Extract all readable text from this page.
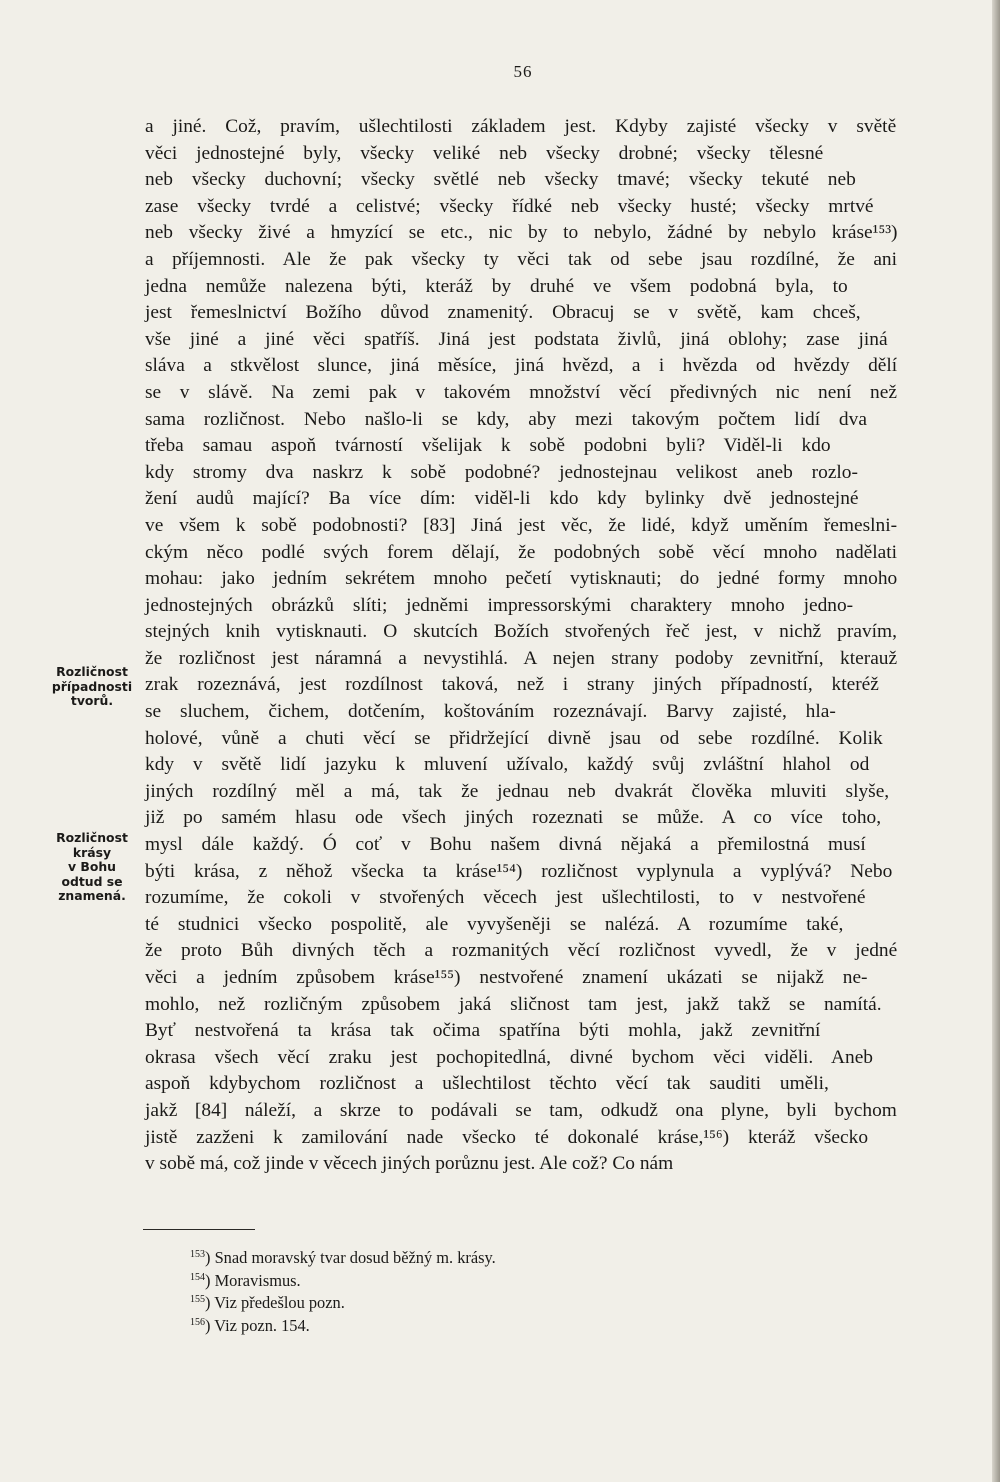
56
a jiné. Což, pravím, ušlechtilosti základem jest. Kdyby zajisté všecky v světě
věci jednostejné byly, všecky veliké neb všecky drobné; všecky tělesné
neb všecky duchovní; všecky světlé neb všecky tmavé; všecky tekuté neb
zase všecky tvrdé a celistvé; všecky řídké neb všecky husté; všecky mrtvé
neb všecky živé a hmyzící se etc., nic by to nebylo, žádné by nebylo kráse¹⁵³)
a příjemnosti. Ale že pak všecky ty věci tak od sebe jsau rozdílné, že ani
jedna nemůže nalezena býti, kteráž by druhé ve všem podobná byla, to
jest řemeslnictví Božího důvod znamenitý. Obracuj se v světě, kam chceš,
vše jiné a jiné věci spatříš. Jiná jest podstata živlů, jiná oblohy; zase jiná
sláva a stkvělost slunce, jiná měsíce, jiná hvězd, a i hvězda od hvězdy dělí
se v slávě. Na zemi pak v takovém množství věcí předivných nic není než
sama rozličnost. Nebo našlo-li se kdy, aby mezi takovým počtem lidí dva
třeba samau aspoň tvárností všelijak k sobě podobni byli? Viděl-li kdo
kdy stromy dva naskrz k sobě podobné? jednostejnau velikost aneb rozlo-
žení audů mající? Ba více dím: viděl-li kdo kdy bylinky dvě jednostejné
ve všem k sobě podobnosti? [83] Jiná jest věc, že lidé, když uměním řemeslni-
ckým něco podlé svých forem dělají, že podobných sobě věcí mnoho nadělati
mohau: jako jedním sekrétem mnoho pečetí vytisknauti; do jedné formy mnoho
jednostejných obrázků slíti; jedněmi impressorskými charaktery mnoho jedno-
stejných knih vytisknauti. O skutcích Božích stvořených řeč jest, v nichž pravím,
že rozličnost jest náramná a nevystihlá. A nejen strany podoby zevnitřní, kterauž
zrak rozeznává, jest rozdílnost taková, než i strany jiných případností, kteréž
se sluchem, čichem, dotčením, koštováním rozeznávají. Barvy zajisté, hla-
holové, vůně a chuti věcí se přidržející divně jsau od sebe rozdílné. Kolik
kdy v světě lidí jazyku k mluvení užívalo, každý svůj zvláštní hlahol od
jiných rozdílný měl a má, tak že jednau neb dvakrát člověka mluviti slyše,
již po samém hlasu ode všech jiných rozeznati se může. A co více toho,
mysl dále každý. Ó coť v Bohu našem divná nějaká a přemilostná musí
býti krása, z něhož všecka ta kráse¹⁵⁴) rozličnost vyplynula a vyplývá? Nebo
rozumíme, že cokoli v stvořených věcech jest ušlechtilosti, to v nestvořené
té studnici všecko pospolitě, ale vyvyšeněji se nalézá. A rozumíme také,
že proto Bůh divných těch a rozmanitých věcí rozličnost vyvedl, že v jedné
věci a jedním způsobem kráse¹⁵⁵) nestvořené znamení ukázati se nijakž ne-
mohlo, než rozličným způsobem jaká sličnost tam jest, jakž takž se namítá.
Byť nestvořená ta krása tak očima spatřína býti mohla, jakž zevnitřní
okrasa všech věcí zraku jest pochopitedlná, divné bychom věci viděli. Aneb
aspoň kdybychom rozličnost a ušlechtilost těchto věcí tak sauditi uměli,
jakž [84] náleží, a skrze to podávali se tam, odkudž ona plyne, byli bychom
jistě zazženi k zamilování nade všecko té dokonalé kráse,¹⁵⁶) kteráž všecko
v sobě má, což jinde v věcech jiných porůznu jest. Ale což? Co nám
Rozličnost
případnosti
tvorů.
Rozličnost
krásy
v Bohu
odtud se
znamená.
$^{153}$) Snad moravský tvar dosud běžný m. krásy.
$^{154}$) Moravismus.
$^{155}$) Viz předešlou pozn.
$^{156}$) Viz pozn. 154.
